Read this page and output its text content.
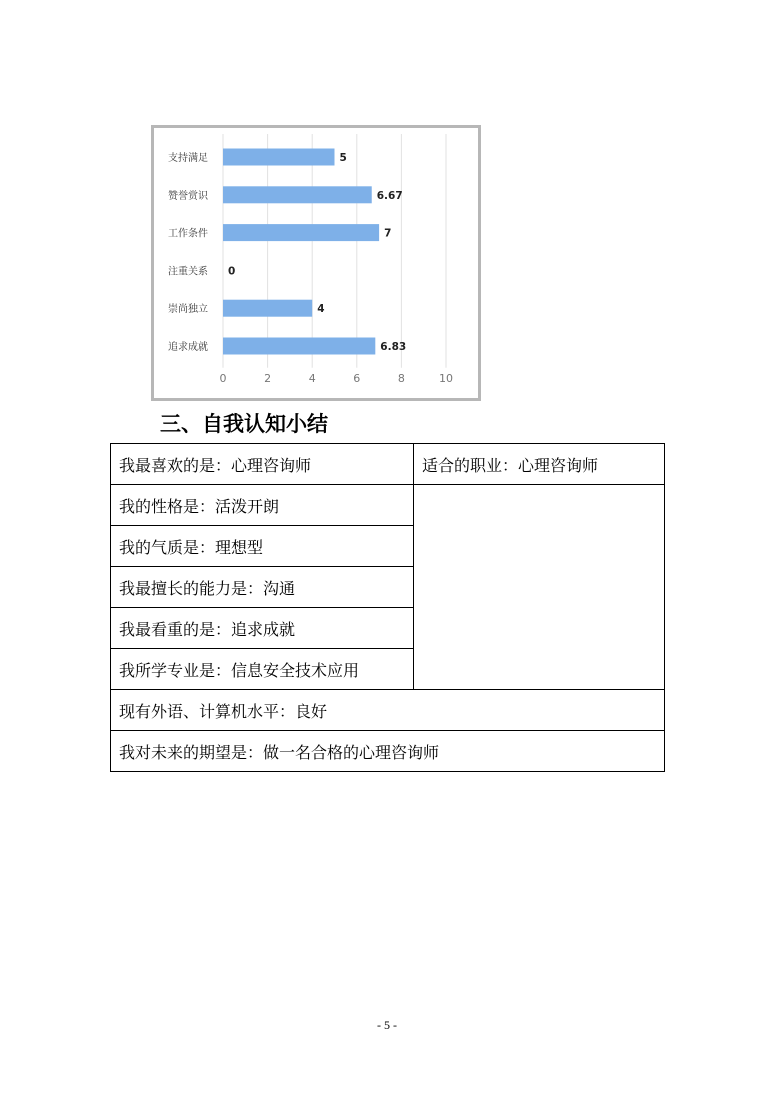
0	2	4	6	8	10
支持满足	5
赞誉赏识	6.67
工作条件	7
注重关系 0
崇尚独立	4
追求成就	6.83
三、自我认知小结
我最喜欢的是：心理咨询师	适合的职业：心理咨询师
我的性格是：活泼开朗	
我的气质是：理想型	
我最擅长的能力是：沟通	
我最看重的是：追求成就	
我所学专业是：信息安全技术应用	
现有外语、计算机水平：良好	
我对未来的期望是：做一名合格的心理咨询师	
- 5 -
